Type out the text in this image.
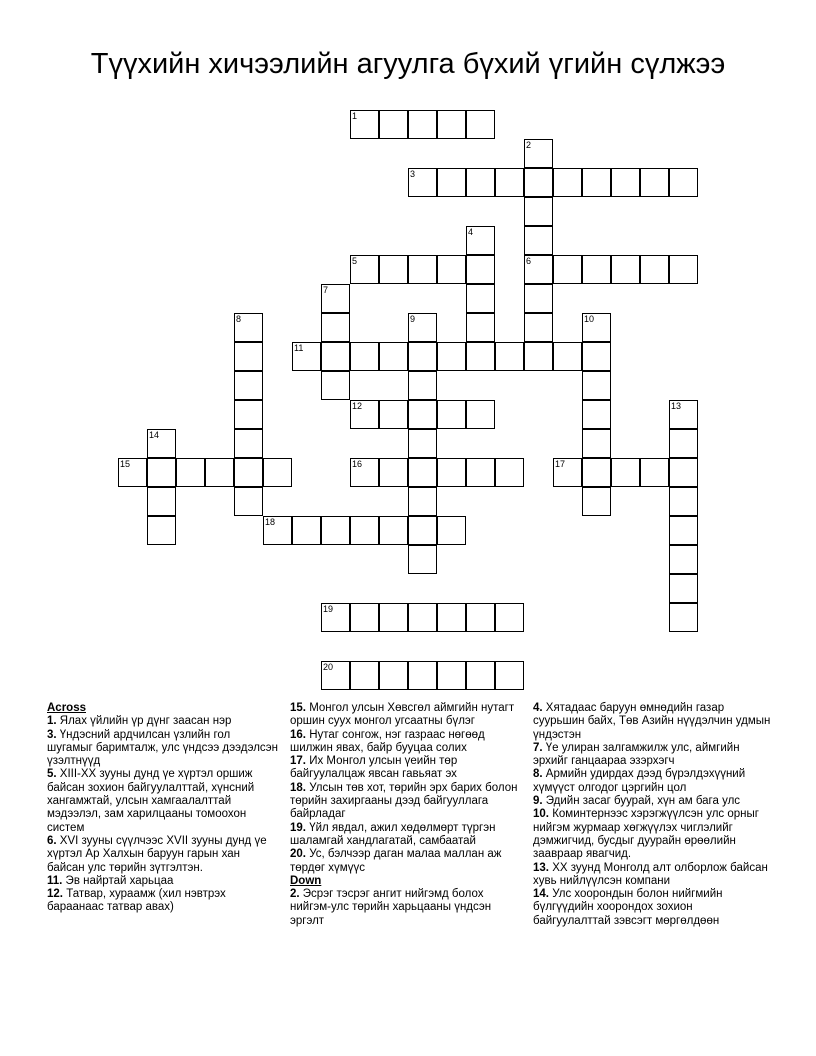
Түүхийн хичээлийн агуулга бүхий үгийн сүлжээ
1
3
5	6
11
12
15	16	17
18
19
20
2
4
7
8	9	10
13
14
Across
1. Ялах үйлийн үр дүнг заасан нэр
3. Үндэсний ардчилсан үзлийн гол шугамыг баримталж, улс үндсээ дээдэлсэн үзэлтнүүд
5. XIII-XX зууны дунд үе хүртэл оршиж байсан зохион байгуулалттай, хүнсний хангамжтай, улсын хамгаалалттай мэдээлэл, зам харилцааны томоохон систем
6. XVI зууны сүүлчээс XVII зууны дунд үе хүртэл Ар Халхын баруун гарын хан байсан улс төрийн зүтгэлтэн.
11. Эв найртай харьцаа
12. Татвар, хураамж (хил нэвтрэх бараанаас татвар авах)
15. Монгол улсын Хөвсгөл аймгийн нутагт оршин суух монгол угсаатны бүлэг
16. Нутаг сонгож, нэг газраас нөгөөд шилжин явах, байр бууцаа солих
17. Их Монгол улсын үеийн төр байгуулалцаж явсан гавьяат эх
18. Улсын төв хот, төрийн эрх барих болон төрийн захиргааны дээд байгууллага байрладаг
19. Үйл явдал, ажил хөдөлмөрт түргэн шаламгай хандлагатай, самбаатай
20. Ус, бэлчээр даган малаа маллан аж төрдөг хүмүүс
Down
2. Эсрэг тэсрэг ангит нийгэмд болох нийгэм-улс төрийн харьцааны үндсэн эргэлт
4. Хятадаас баруун өмнөдийн газар суурьшин байх, Төв Азийн нүүдэлчин удмын үндэстэн
7. Үе улиран залгамжилж улс, аймгийн эрхийг ганцаараа эзэрхэгч
8. Армийн удирдах дээд бүрэлдэхүүний хүмүүст олгодог цэргийн цол
9. Эдийн засаг буурай, хүн ам бага улс
10. Коминтернээс хэрэгжүүлсэн улс орныг нийгэм журмаар хөгжүүлэх чиглэлийг дэмжигчид, бусдыг дуурайн өрөөлийн заавраар явагчид.
13. XX зуунд Монголд алт олборлож байсан хувь нийлүүлсэн компани
14. Улс хоорондын болон нийгмийн бүлгүүдийн хоорондох зохион байгуулалттай зэвсэгт мөргөлдөөн
